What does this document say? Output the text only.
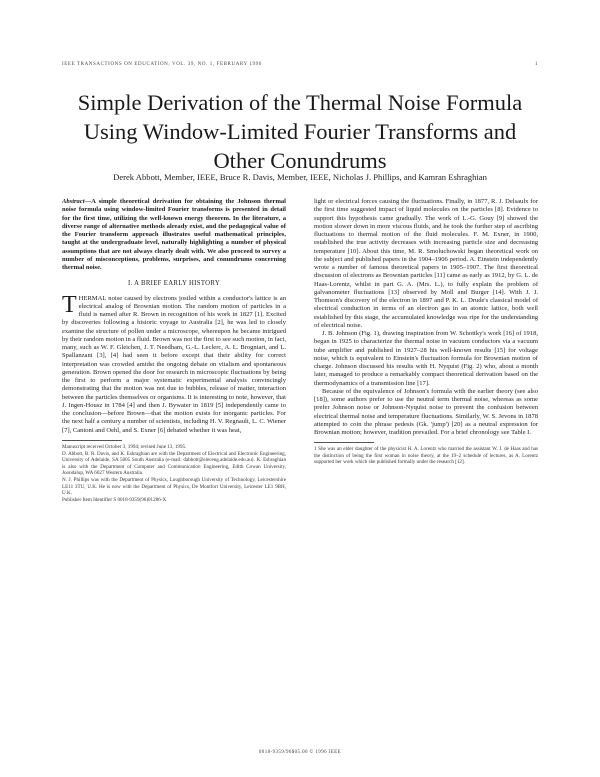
IEEE TRANSACTIONS ON EDUCATION, VOL. 39, NO. 1, FEBRUARY 1996	1
Simple Derivation of the Thermal Noise Formula Using Window-Limited Fourier Transforms and Other Conundrums
Derek Abbott, Member, IEEE, Bruce R. Davis, Member, IEEE, Nicholas J. Phillips, and Kamran Eshraghian

Abstract—A simple theoretical derivation for obtaining the Johnson thermal noise formula using window-limited Fourier transforms is presented in detail for the first time, utilizing the well-known energy theorem. In the literature, a diverse range of alternative methods already exist, and the pedagogical value of the Fourier transform approach illustrates useful mathematical principles, taught at the undergraduate level, naturally highlighting a number of physical assumptions that are not always clearly dealt with. We also proceed to survey a number of misconceptions, problems, surprises, and conundrums concerning thermal noise.

I. A BRIEF EARLY HISTORY

THERMAL noise caused by electrons jostled within a conductor's lattice is an electrical analog of Brownian motion. The random motion of particles in a fluid is named after R. Brown in recognition of his work in 1827 [1]. Excited by discoveries following a historic voyage to Australia [2], he was led to closely examine the structure of pollen under a microscope, whereupon he became intrigued by their random motion in a fluid. Brown was not the first to see such motion, in fact, many, such as W. F. Gleichen, J. T. Needham, G.-L. Leclerc, A. L. Brogniart, and L. Spallanzani [3], [4] had seen it before except that their ability for correct interpretation was crowded amidst the ongoing debate on vitalism and spontaneous generation. Brown opened the door for research in microscopic fluctuations by being the first to perform a major systematic experimental analysis convincingly demonstrating that the motion was not due to bubbles, release of matter, interaction between the particles themselves or organisms. It is interesting to note, however, that J. Ingen-Housz in 1784 [4] and then J. Bywater in 1819 [5] independently came to the conclusion—before Brown—that the motion exists for inorganic particles. For the next half a century a number of scientists, including H. V. Regnault, L. C. Wiener [7], Cantoni and Oehl, and S. Exner [6] debated whether it was heat,

Manuscript received October 3, 1994; revised June 13, 1995.

D. Abbott, B. R. Davis, and K. Eshraghian are with the Department of Electrical and Electronic Engineering, University of Adelaide, SA 5005 South Australia (e-mail: dabbott@eleceng.adelaide.edu.au). K. Eshraghian is also with the Department of Computer and Communication Engineering, Edith Cowan University, Joondalup, WA 6027 Western Australia.

N. J. Phillips was with the Department of Physics, Loughborough University of Technology, Leicestershire LE11 3TU, U.K. He is now with the Department of Physics, De Montfort University, Leicester LE1 9BH, U.K.

Publisher Item Identifier S 0018-9359(96)01286-X.

light or electrical forces causing the fluctuations. Finally, in 1877, R. J. Delsaulx for the first time suggested impact of liquid molecules on the particles [8]. Evidence to support this hypothesis came gradually. The work of L.-G. Gouy [9] showed the motion slower down in more viscous fluids, and he took the further step of ascribing fluctuations to thermal motion of the fluid molecules. F. M. Exner, in 1900, established the true activity decreases with increasing particle size and decreasing temperature [10]. About this time, M. R. Smoluchowski began theoretical work on the subject and published papers in the 1904–1906 period. A. Einstein independently wrote a number of famous theoretical papers in 1905–1907. The first theoretical discussion of electrons as Brownian particles [11] came as early as 1912, by G. L. de Haas-Lorentz, whilst in part G. A. (Mrs. L.), to fully explain the problem of galvanometer fluctuations [13] observed by Moll and Burger [14]. With J. J. Thomson's discovery of the electron in 1897 and P. K. L. Drude's classical model of electrical conduction in terms of an electron gas in an atomic lattice, both well established by this stage, the accumulated knowledge was ripe for the understanding of electrical noise.

J. B. Johnson (Fig. 1), drawing inspiration from W. Schottky's work [16] of 1918, began in 1925 to characterize the thermal noise in vacuum conductors via a vacuum tube amplifier and published in 1927–28 his well-known results [15] for voltage noise, which is equivalent to Einstein's fluctuation formula for Brownian motion of charge. Johnson discussed his results with H. Nyquist (Fig. 2) who, about a month later, managed to produce a remarkably compact theoretical derivation based on the thermodynamics of a transmission line [17].

Because of the equivalence of Johnson's formula with the earlier theory (see also [18]), some authors prefer to use the neutral term thermal noise, whereas as some prefer Johnson noise or Johnson-Nyquist noise to prevent the confusion between electrical thermal noise and temperature fluctuations. Similarly, W. S. Jevons in 1878 attempted to coin the phrase pedesis (Gk. 'jump') [20] as a neutral expression for Brownian motion; however, tradition prevailed. For a brief chronology see Table I.

1 She was an elder daughter of the physicist H. A. Lorentz who married the assistant W. J. de Haas and has the distinction of being the first woman in noise theory, at the 19–2 schedule of lectures, as A. Lorentz supported her work which she published formally under the research [12].

0018-9359/96$05.00 © 1996 IEEE
